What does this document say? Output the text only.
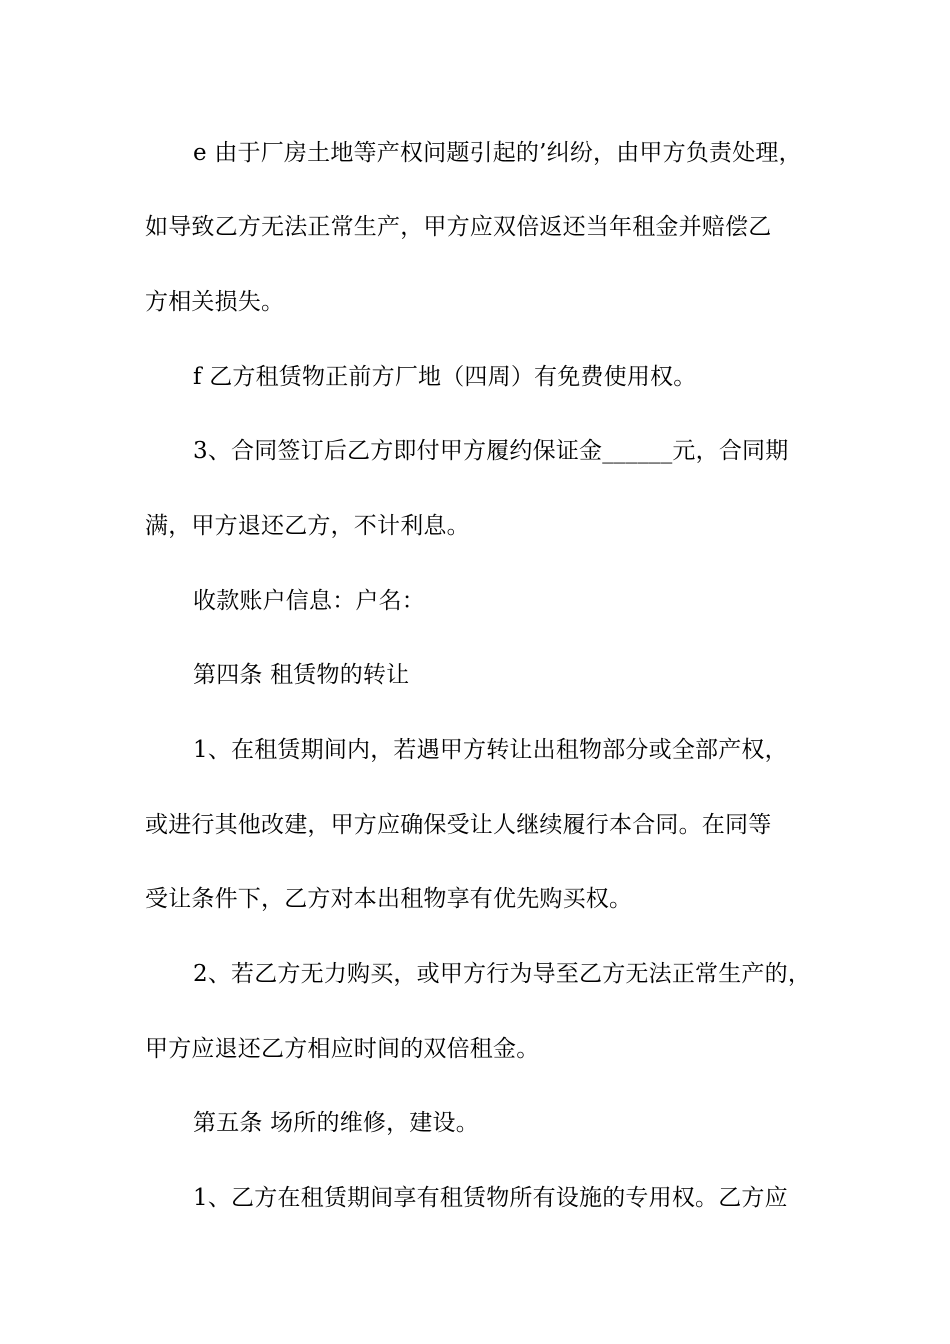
e 由于厂房土地等产权问题引起的’纠纷，由甲方负责处理，
如导致乙方无法正常生产，甲方应双倍返还当年租金并赔偿乙
方相关损失。
f 乙方租赁物正前方厂地（四周）有免费使用权。
3、合同签订后乙方即付甲方履约保证金______元，合同期
满，甲方退还乙方，不计利息。
收款账户信息：户名：
第四条 租赁物的转让
1、在租赁期间内，若遇甲方转让出租物部分或全部产权，
或进行其他改建，甲方应确保受让人继续履行本合同。在同等
受让条件下，乙方对本出租物享有优先购买权。
2、若乙方无力购买，或甲方行为导至乙方无法正常生产的，
甲方应退还乙方相应时间的双倍租金。
第五条 场所的维修，建设。
1、乙方在租赁期间享有租赁物所有设施的专用权。乙方应
